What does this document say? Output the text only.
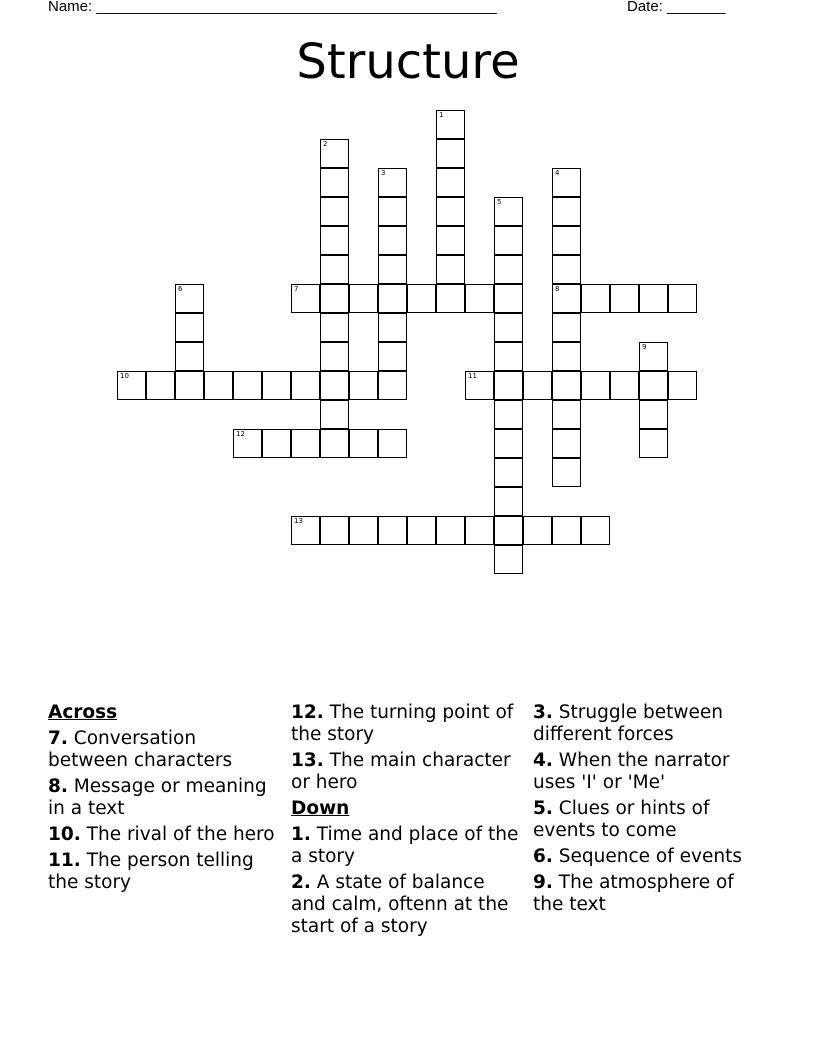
Name: ________________________________________________	Date: _______
Structure
1
2
3	4
8
5
6	7
9
10	11
12
13
Across
7. Conversation between characters
8. Message or meaning in a text
10. The rival of the hero
11. The person telling the story
12. The turning point of the story
13. The main character or hero
Down
1. Time and place of the a story
2. A state of balance and calm, oftenn at the start of a story
3. Struggle between different forces
4. When the narrator uses 'I' or 'Me'
5. Clues or hints of events to come
6. Sequence of events
9. The atmosphere of the text
